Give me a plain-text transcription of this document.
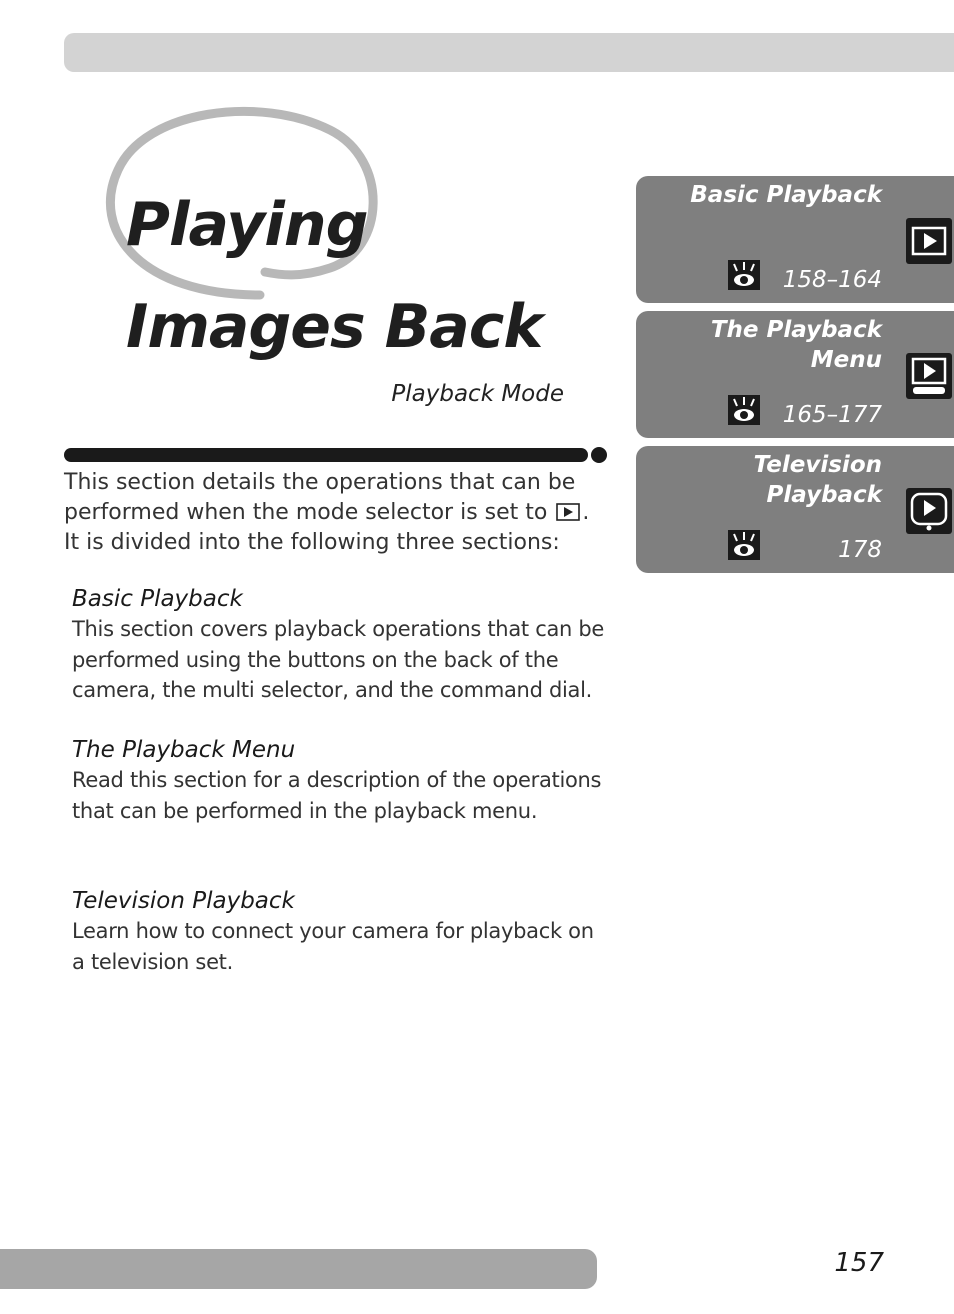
Playing
Images Back
Playback Mode

This section details the operations that can be performed when the mode selector is set to . It is divided into the following three sections:

Basic Playback

This section covers playback operations that can be performed using the buttons on the back of the camera, the multi selector, and the command dial.

The Playback Menu

Read this section for a description of the operations that can be performed in the playback menu.

Television Playback

Learn how to connect your camera for playback on a television set.

Basic Playback
158–164
The Playback Menu
165–177
Television Playback
178
157
